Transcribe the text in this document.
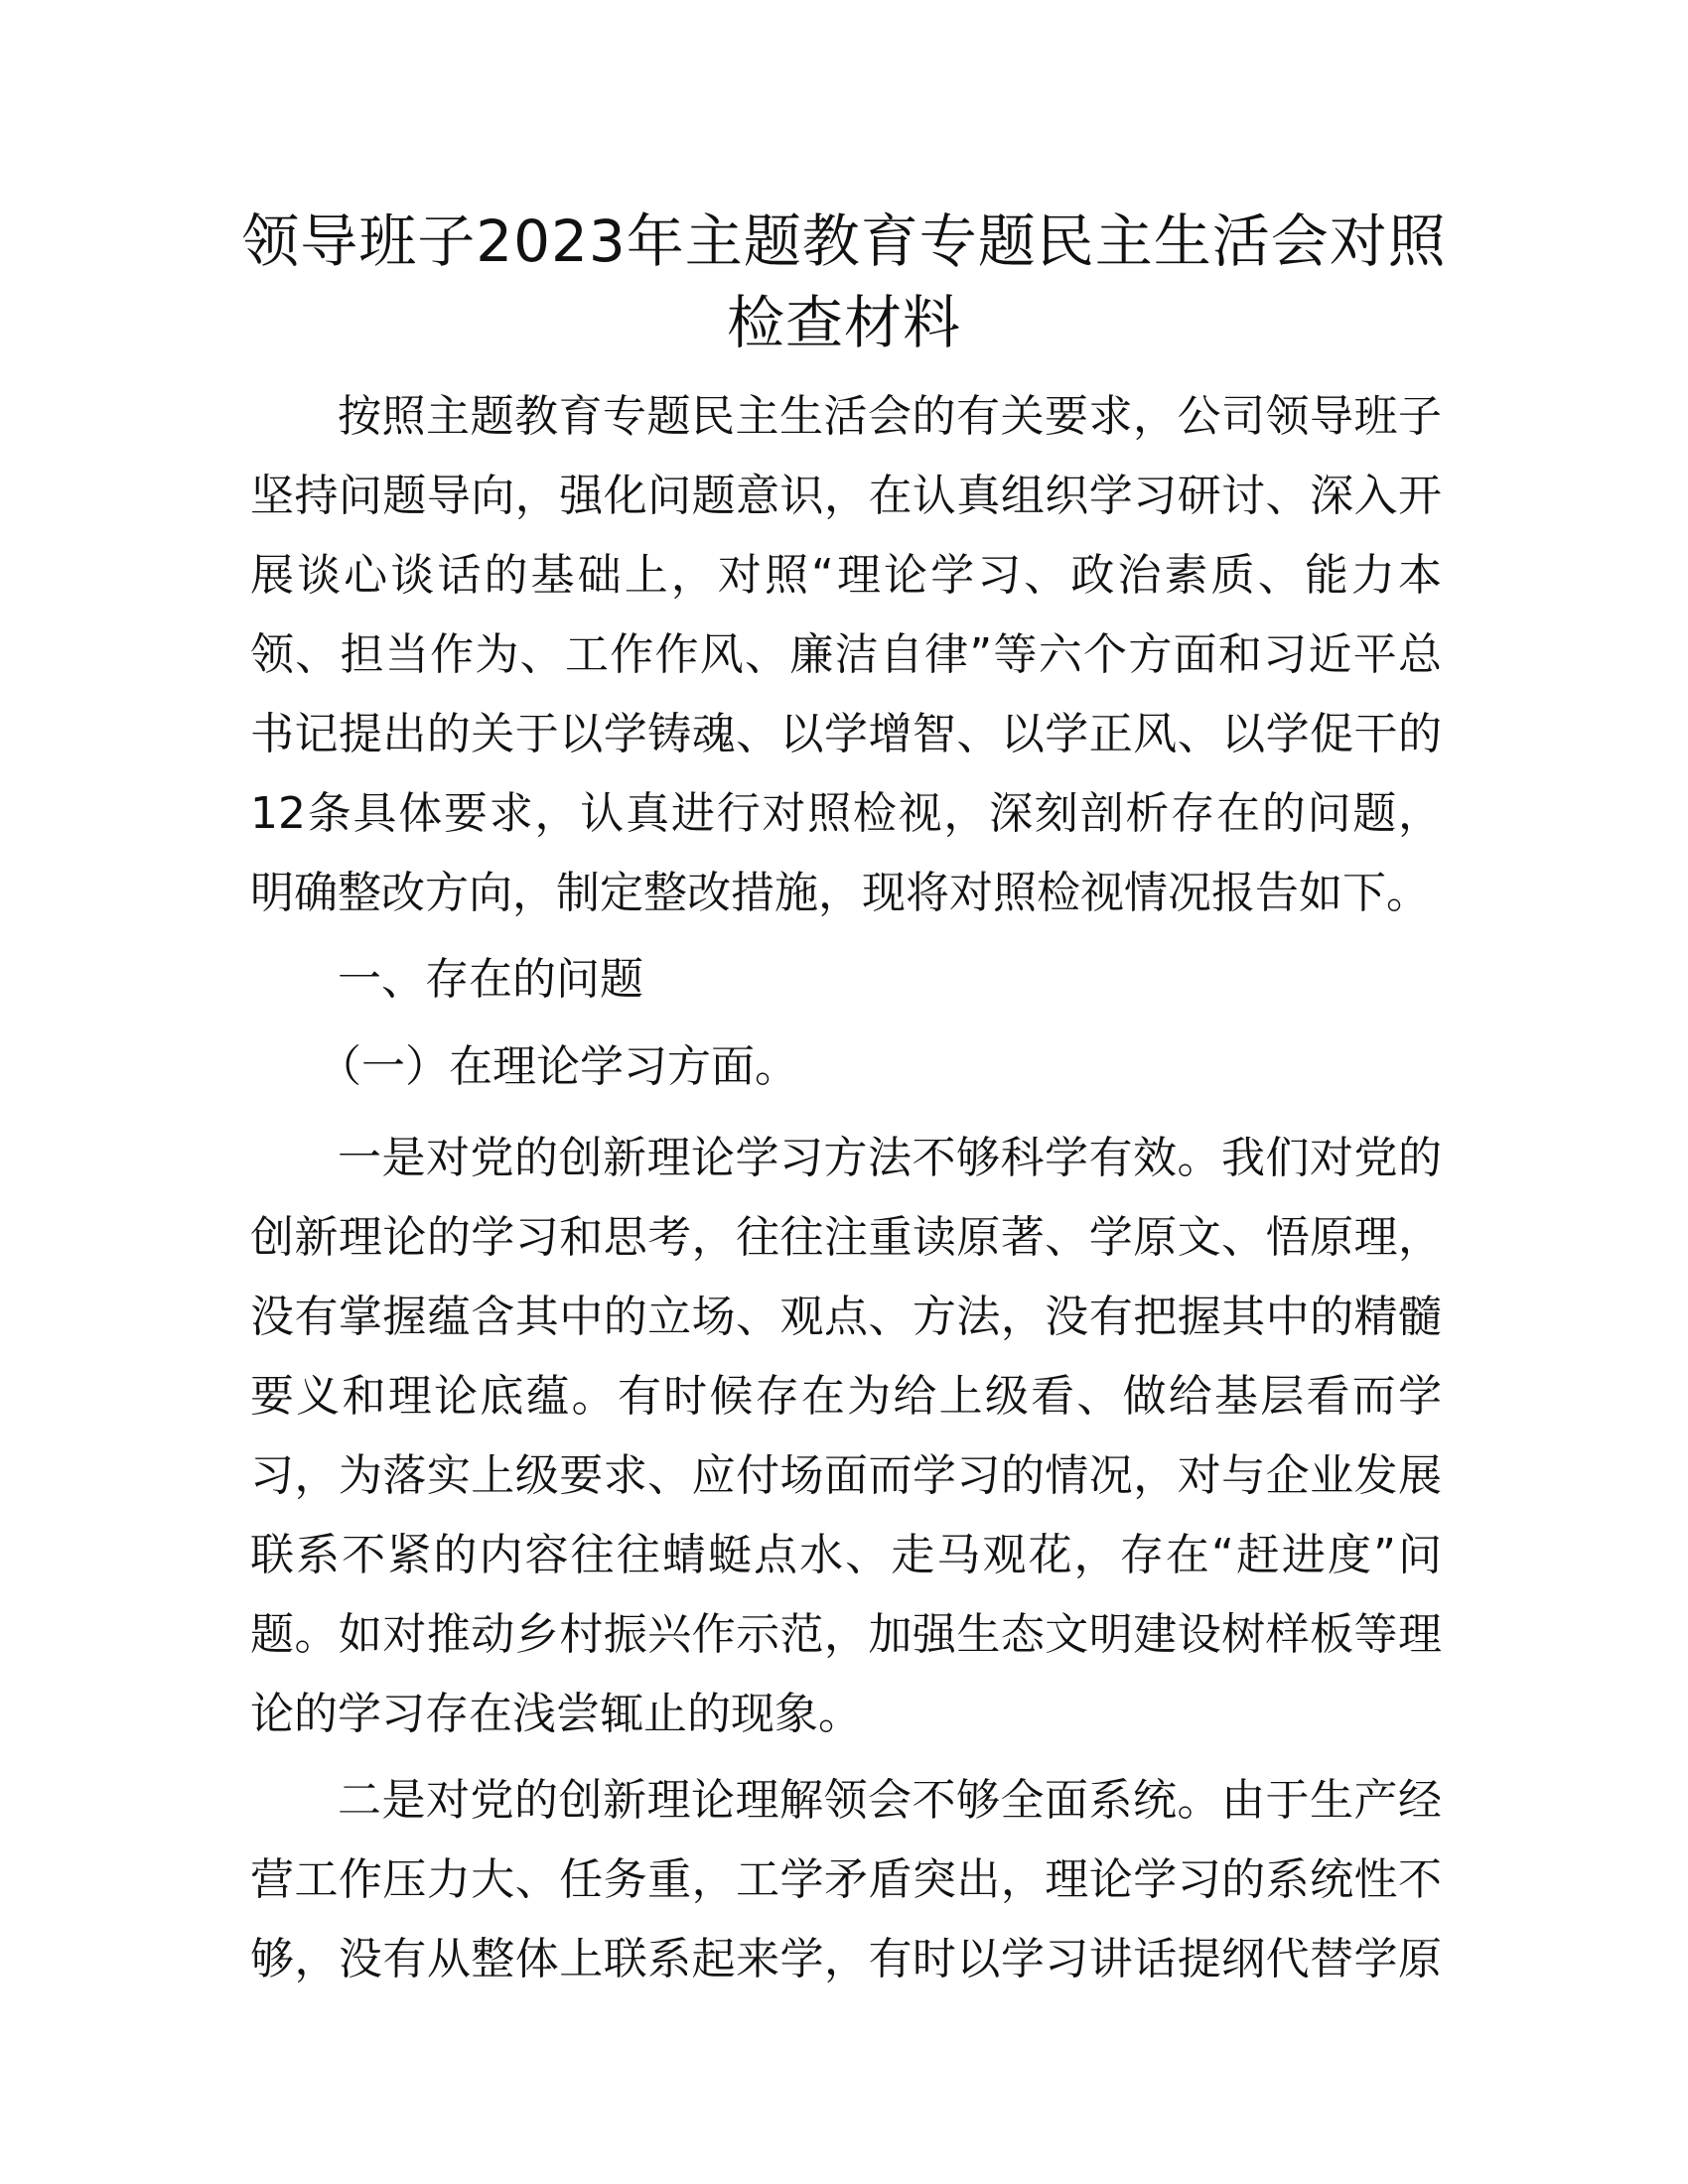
领导班子2023年主题教育专题民主生活会对照
检查材料

按照主题教育专题民主生活会的有关要求，公司领导班子

坚持问题导向，强化问题意识，在认真组织学习研讨、深入开

展谈心谈话的基础上，对照“理论学习、政治素质、能力本

领、担当作为、工作作风、廉洁自律”等六个方面和习近平总

书记提出的关于以学铸魂、以学增智、以学正风、以学促干的

12条具体要求，认真进行对照检视，深刻剖析存在的问题，

明确整改方向，制定整改措施，现将对照检视情况报告如下。

一、存在的问题

（一）在理论学习方面。

一是对党的创新理论学习方法不够科学有效。我们对党的

创新理论的学习和思考，往往注重读原著、学原文、悟原理，

没有掌握蕴含其中的立场、观点、方法，没有把握其中的精髓

要义和理论底蕴。有时候存在为给上级看、做给基层看而学

习，为落实上级要求、应付场面而学习的情况，对与企业发展

联系不紧的内容往往蜻蜓点水、走马观花，存在“赶进度”问

题。如对推动乡村振兴作示范，加强生态文明建设树样板等理

论的学习存在浅尝辄止的现象。

二是对党的创新理论理解领会不够全面系统。由于生产经

营工作压力大、任务重，工学矛盾突出，理论学习的系统性不

够，没有从整体上联系起来学，有时以学习讲话提纲代替学原
